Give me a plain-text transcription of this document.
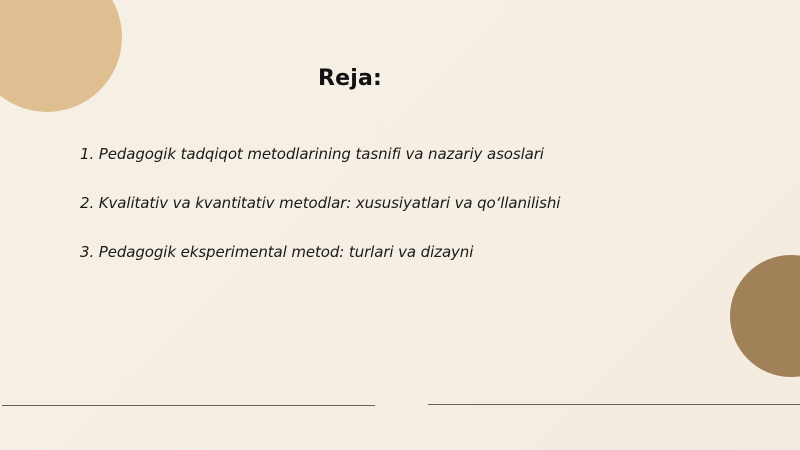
Reja:
1. Pedagogik tadqiqot metodlarining tasnifi va nazariy asoslari
2. Kvalitativ va kvantitativ metodlar: xususiyatlari va qo‘llanilishi
3. Pedagogik eksperimental metod: turlari va dizayni
